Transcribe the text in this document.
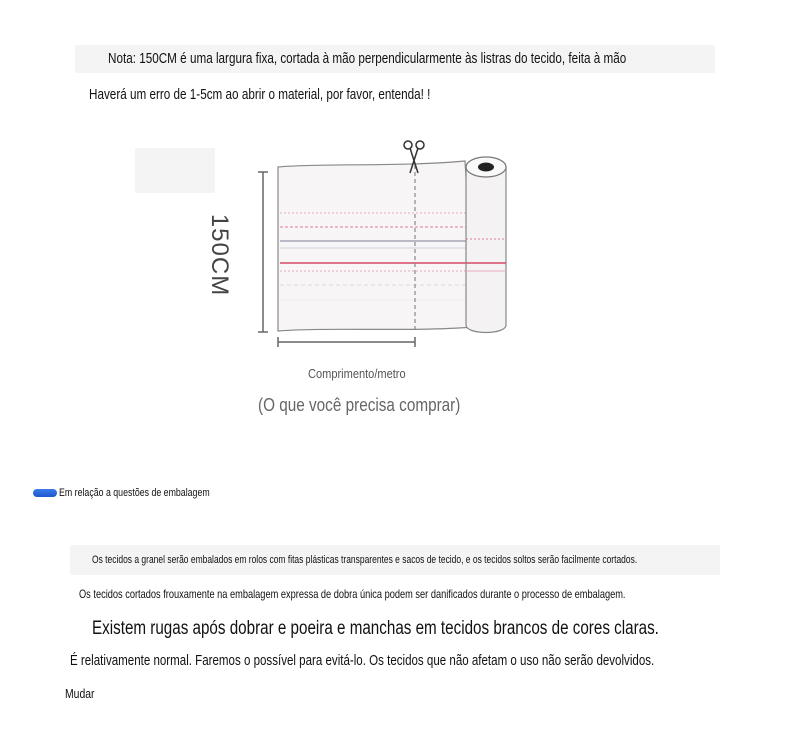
Nota: 150CM é uma largura fixa, cortada à mão perpendicularmente às listras do tecido, feita à mão
Haverá um erro de 1-5cm ao abrir o material, por favor, entenda! !
150CM
Comprimento/metro
(O que você precisa comprar)
Em relação a questões de embalagem
Os tecidos a granel serão embalados em rolos com fitas plásticas transparentes e sacos de tecido, e os tecidos soltos serão facilmente cortados.
Os tecidos cortados frouxamente na embalagem expressa de dobra única podem ser danificados durante o processo de embalagem.
Existem rugas após dobrar e poeira e manchas em tecidos brancos de cores claras.
É relativamente normal. Faremos o possível para evitá-lo. Os tecidos que não afetam o uso não serão devolvidos.
Mudar
